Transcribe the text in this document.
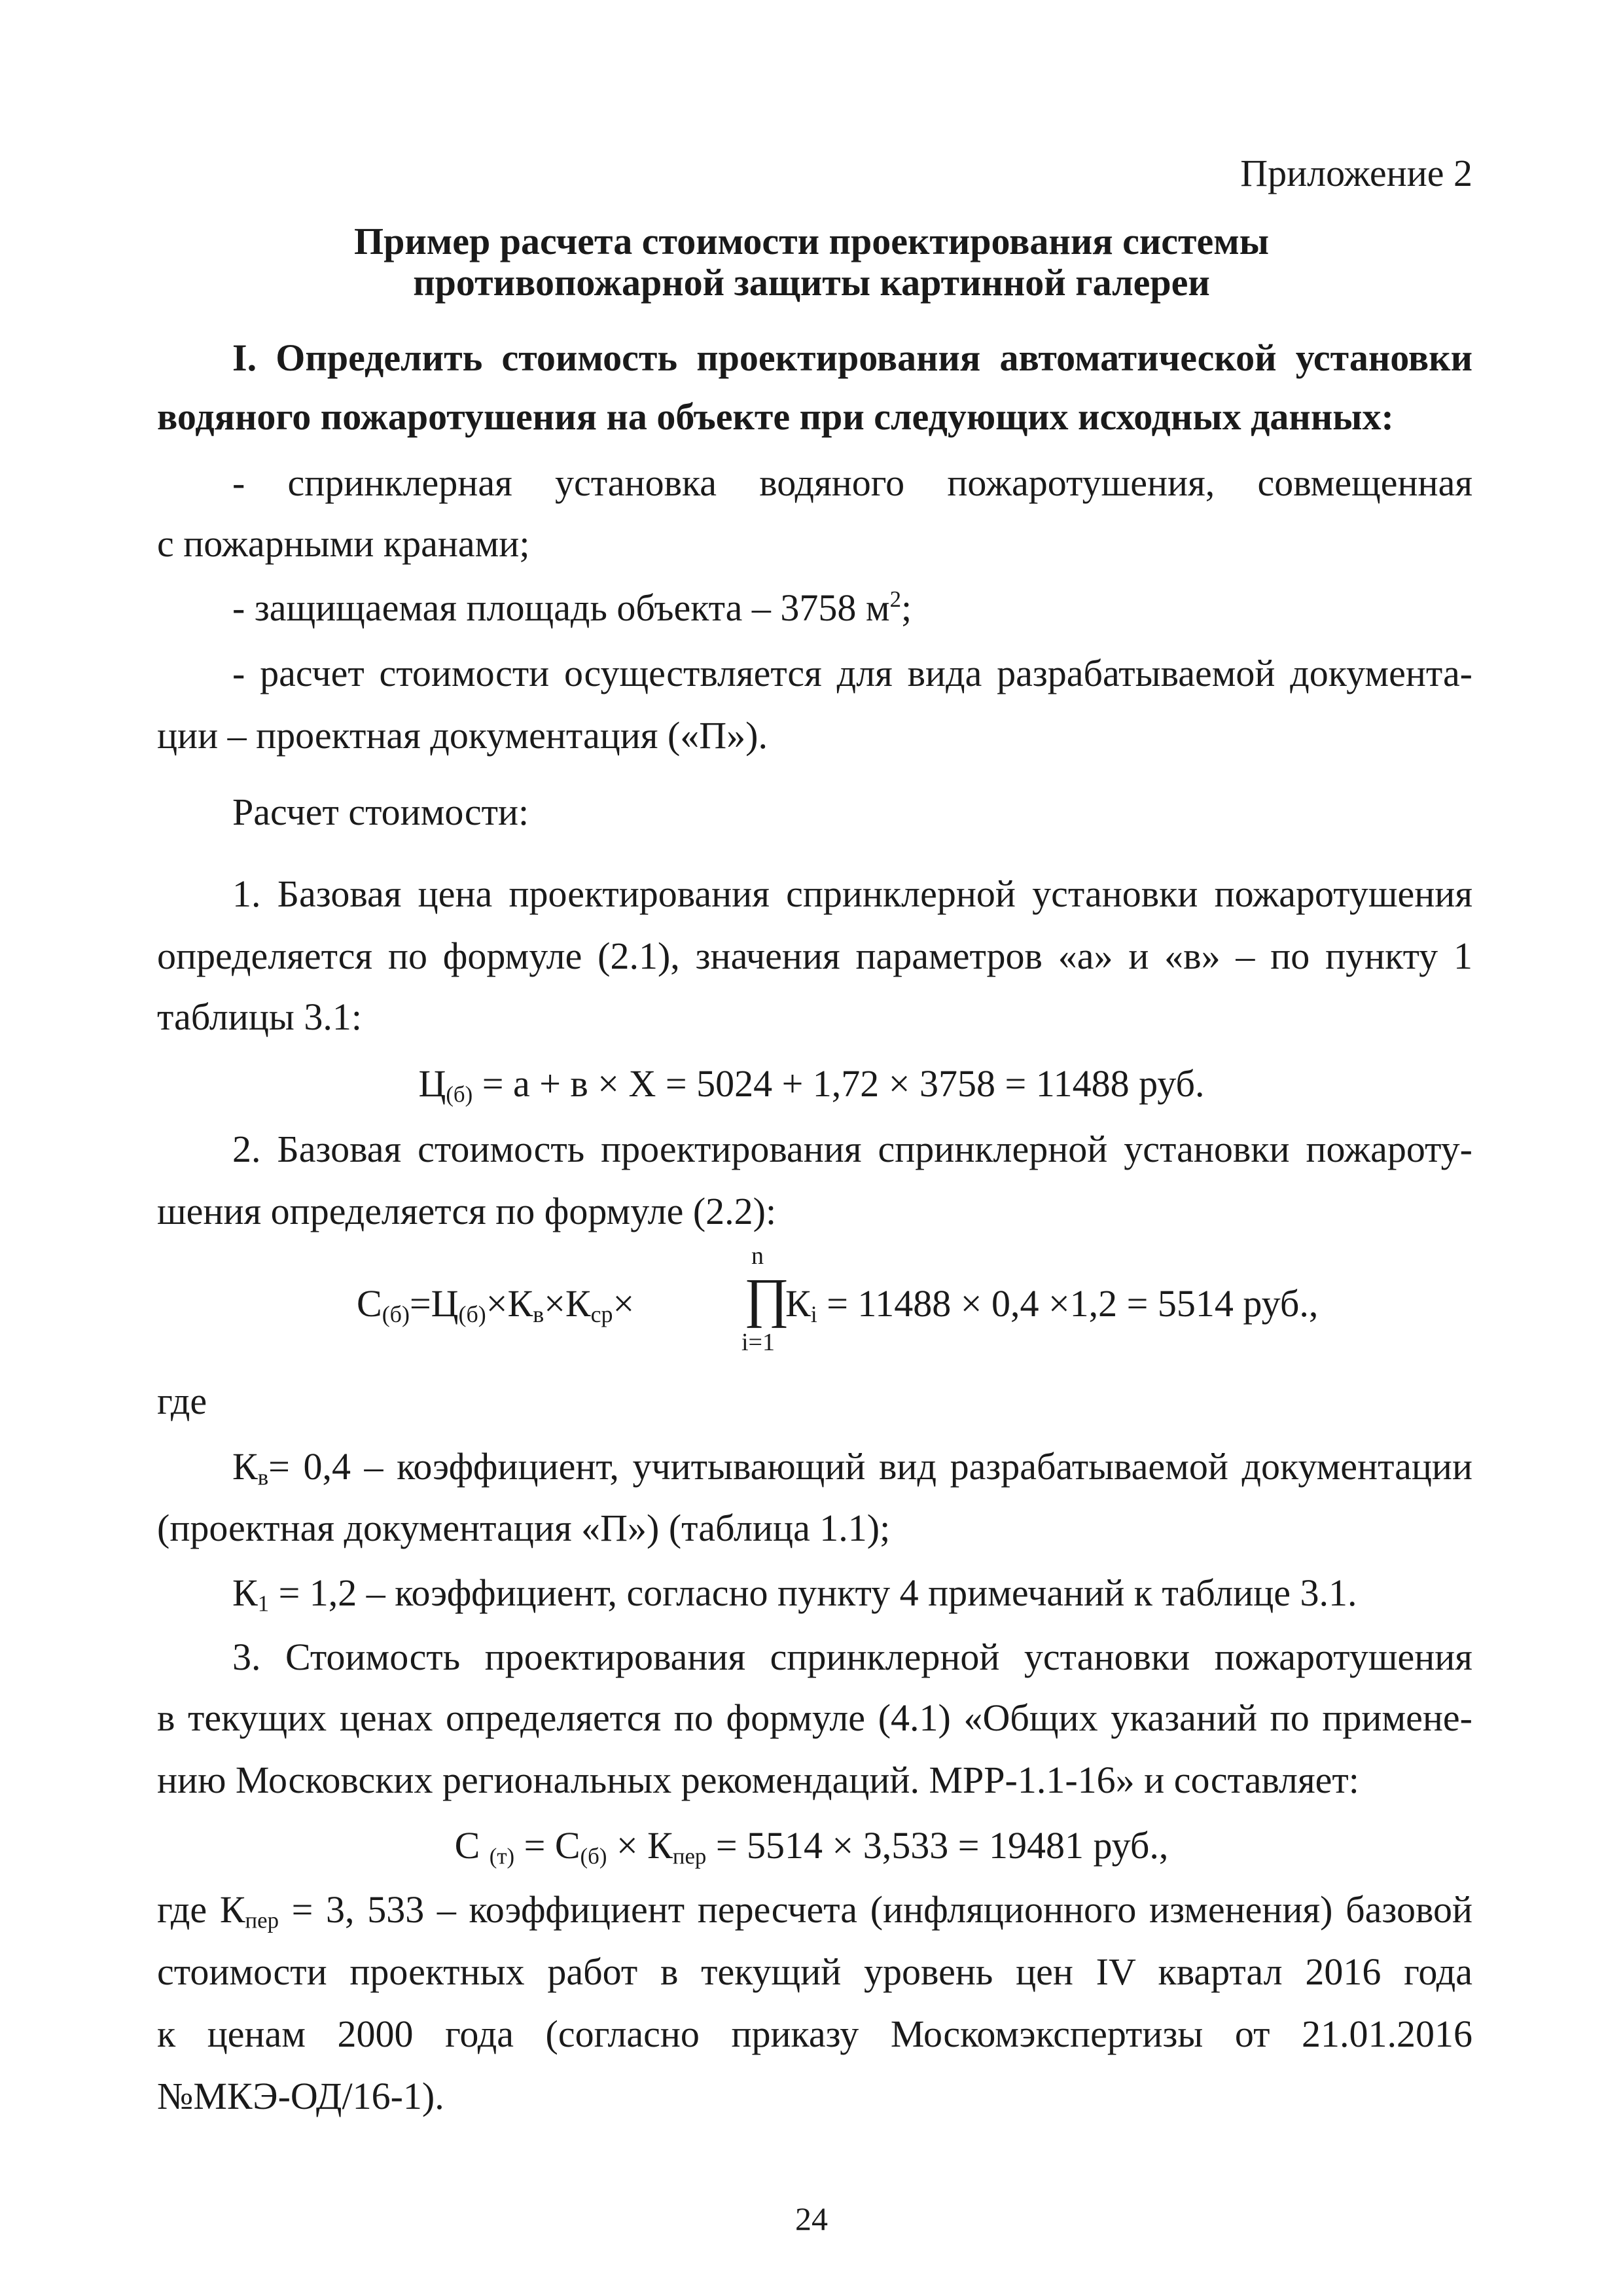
Приложение 2

Пример расчета стоимости проектирования системы

противопожарной защиты картинной галереи

I. Определить стоимость проектирования автоматической установки

водяного пожаротушения на объекте при следующих исходных данных:

- спринклерная установка водяного пожаротушения, совмещенная

с пожарными кранами;

- защищаемая площадь объекта – 3758 $м^2$;

- расчет стоимости осуществляется для вида разрабатываемой документа-

ции – проектная документация («П»).

Расчет стоимости:

1. Базовая цена проектирования спринклерной установки пожаротушения

определяется по формуле (2.1), значения параметров «а» и «в» – по пункту 1

таблицы 3.1:

$Ц_{(б)} = а + в \times Х = 5024 + 1,72 \times 3758 = 11488$ руб.

2. Базовая стоимость проектирования спринклерной установки пожароту-

шения определяется по формуле (2.2):

$С_{(б)}=Ц_{(б)}\times К_в\times К_{ср}\times$
n
∏
i=1
$К_i = 11488 \times 0,4 \times 1,2 = 5514$ руб.,

где

$К_в= 0,4$ – коэффициент, учитывающий вид разрабатываемой документации

(проектная документация «П») (таблица 1.1);

$К_1 = 1,2$ – коэффициент, согласно пункту 4 примечаний к таблице 3.1.

3. Стоимость проектирования спринклерной установки пожаротушения

в текущих ценах определяется по формуле (4.1) «Общих указаний по примене-

нию Московских региональных рекомендаций. МРР-1.1-16» и составляет:

С $_{(т)} = С_{(б)} \times К_{пер} = 5514 \times 3,533 = 19481$ руб.,

где $К_{пер} = 3$, 533 – коэффициент пересчета (инфляционного изменения) базовой

стоимости проектных работ в текущий уровень цен IV квартал 2016 года

к ценам 2000 года (согласно приказу Москомэкспертизы от 21.01.2016

№МКЭ-ОД/16-1).

24
